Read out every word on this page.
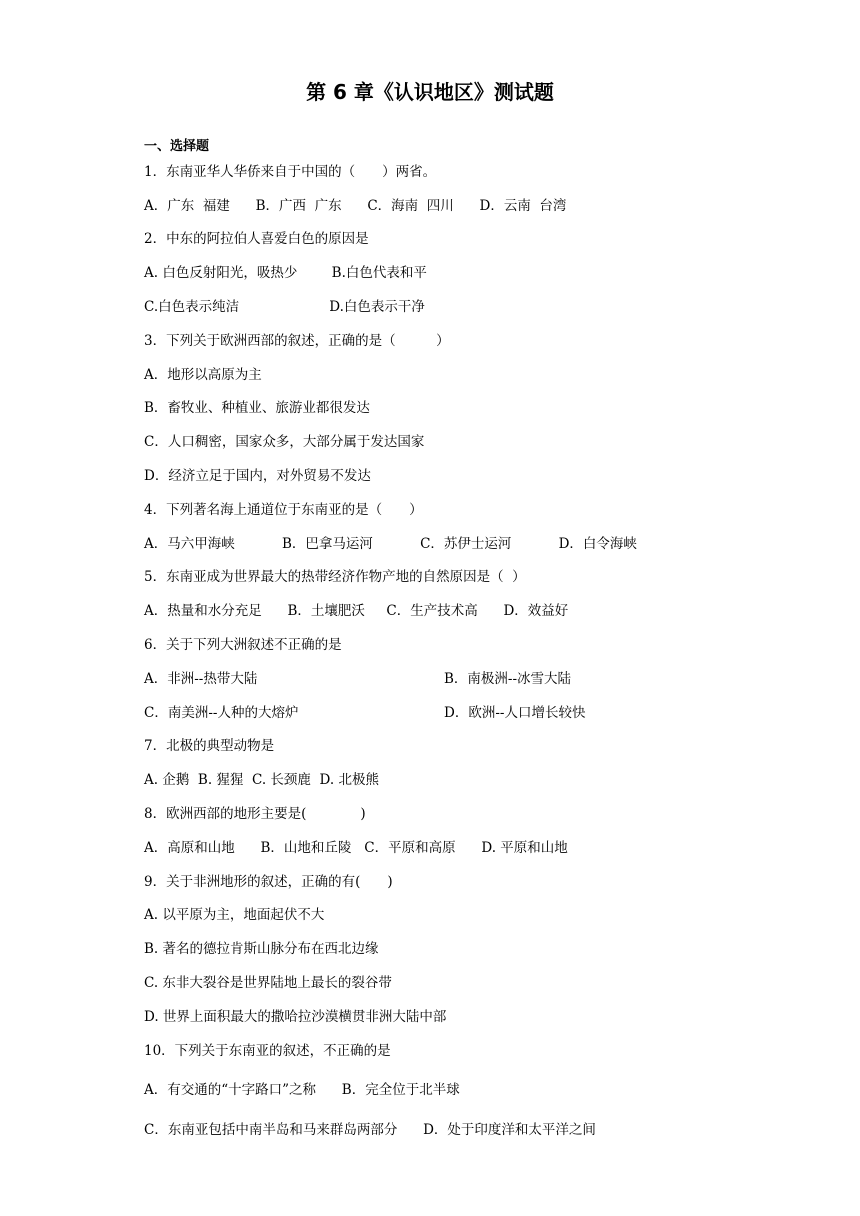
第 6 章《认识地区》测试题
一、选择题
1．东南亚华人华侨来自于中国的（　　）两省。
A．广东  福建      B．广西  广东      C．海南  四川      D．云南  台湾
2．中东的阿拉伯人喜爱白色的原因是
A. 白色反射阳光，吸热少        B.白色代表和平
C.白色表示纯洁                     D.白色表示干净
3．下列关于欧洲西部的叙述，正确的是（　　　）
A．地形以高原为主
B．畜牧业、种植业、旅游业都很发达
C．人口稠密，国家众多，大部分属于发达国家
D．经济立足于国内，对外贸易不发达
4．下列著名海上通道位于东南亚的是（　　）
A．马六甲海峡           B．巴拿马运河           C．苏伊士运河           D．白令海峡
5．东南亚成为世界最大的热带经济作物产地的自然原因是（  ）
A．热量和水分充足      B．土壤肥沃     C．生产技术高      D．效益好
6．关于下列大洲叙述不正确的是
A．非洲--热带大陆	B．南极洲--冰雪大陆
C．南美洲--人种的大熔炉	D．欧洲--人口增长较快
7．北极的典型动物是
A. 企鹅  B. 猩猩  C. 长颈鹿  D. 北极熊
8．欧洲西部的地形主要是(　　　　)
A．高原和山地      B．山地和丘陵   C．平原和高原      D. 平原和山地
9．关于非洲地形的叙述，正确的有(　　)
A. 以平原为主，地面起伏不大
B. 著名的德拉肯斯山脉分布在西北边缘
C. 东非大裂谷是世界陆地上最长的裂谷带
D. 世界上面积最大的撒哈拉沙漠横贯非洲大陆中部
10．下列关于东南亚的叙述，不正确的是
A．有交通的“十字路口”之称      B．完全位于北半球
C．东南亚包括中南半岛和马来群岛两部分      D．处于印度洋和太平洋之间
